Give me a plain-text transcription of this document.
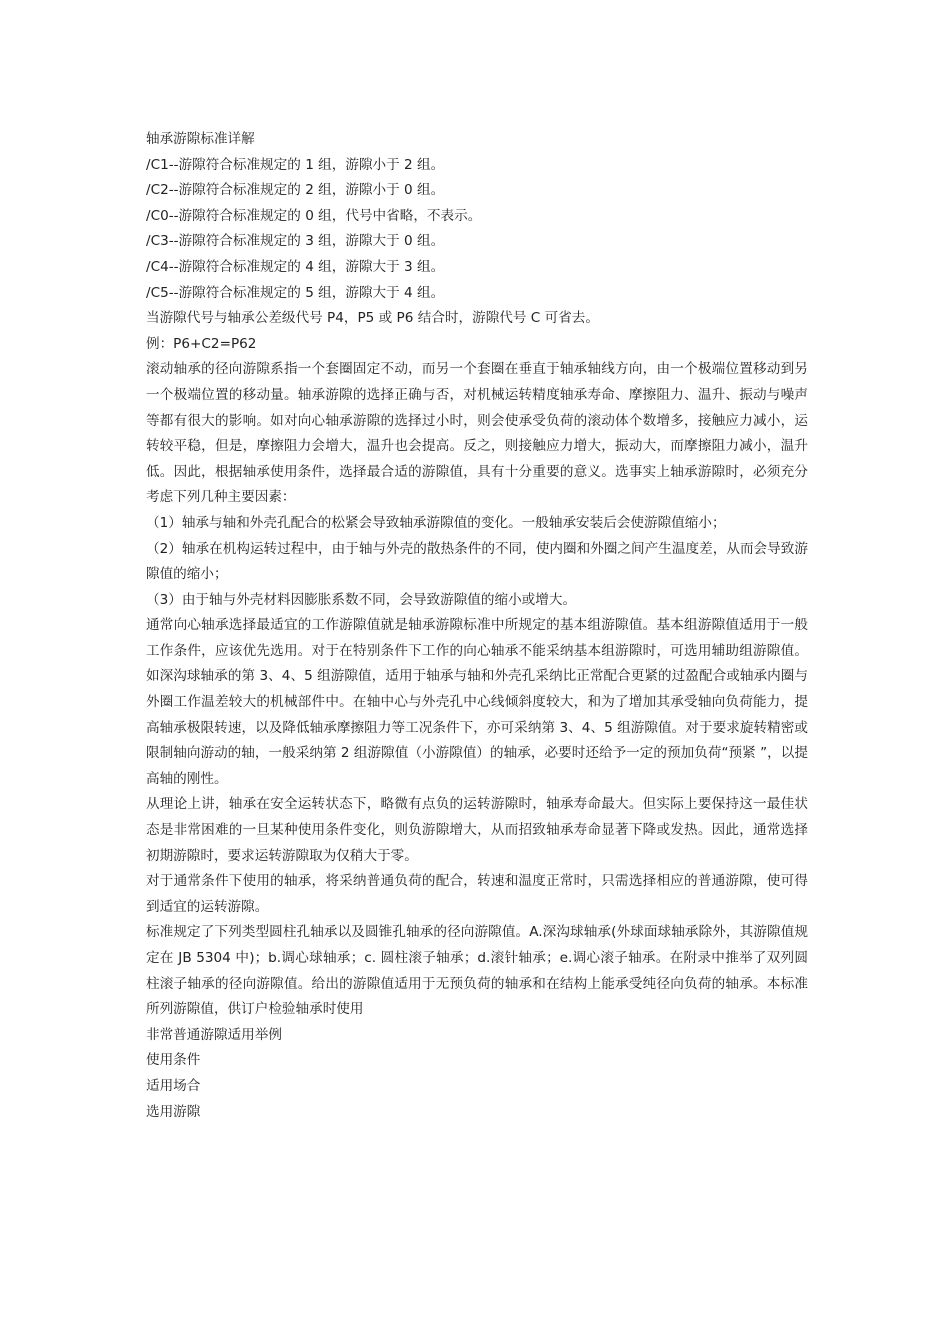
轴承游隙标准详解

/C1--游隙符合标准规定的 1 组，游隙小于 2 组。

/C2--游隙符合标准规定的 2 组，游隙小于 0 组。

/C0--游隙符合标准规定的 0 组，代号中省略，不表示。

/C3--游隙符合标准规定的 3 组，游隙大于 0 组。

/C4--游隙符合标准规定的 4 组，游隙大于 3 组。

/C5--游隙符合标准规定的 5 组，游隙大于 4 组。

当游隙代号与轴承公差级代号 P4，P5 或 P6 结合时，游隙代号 C 可省去。

例：P6+C2=P62

滚动轴承的径向游隙系指一个套圈固定不动，而另一个套圈在垂直于轴承轴线方向，由一个极端位置移动到另一个极端位置的移动量。轴承游隙的选择正确与否，对机械运转精度轴承寿命、摩擦阻力、温升、振动与噪声等都有很大的影响。如对向心轴承游隙的选择过小时，则会使承受负荷的滚动体个数增多，接触应力减小，运转较平稳，但是，摩擦阻力会增大，温升也会提高。反之，则接触应力增大，振动大，而摩擦阻力减小，温升低。因此，根据轴承使用条件，选择最合适的游隙值，具有十分重要的意义。选事实上轴承游隙时，必须充分考虑下列几种主要因素：

（1）轴承与轴和外壳孔配合的松紧会导致轴承游隙值的变化。一般轴承安装后会使游隙值缩小；

（2）轴承在机构运转过程中，由于轴与外壳的散热条件的不同，使内圈和外圈之间产生温度差，从而会导致游隙值的缩小；

（3）由于轴与外壳材料因膨胀系数不同，会导致游隙值的缩小或增大。

通常向心轴承选择最适宜的工作游隙值就是轴承游隙标准中所规定的基本组游隙值。基本组游隙值适用于一般工作条件，应该优先选用。对于在特别条件下工作的向心轴承不能采纳基本组游隙时，可选用辅助组游隙值。如深沟球轴承的第 3、4、5 组游隙值，适用于轴承与轴和外壳孔采纳比正常配合更紧的过盈配合或轴承内圈与外圈工作温差较大的机械部件中。在轴中心与外壳孔中心线倾斜度较大，和为了增加其承受轴向负荷能力，提高轴承极限转速，以及降低轴承摩擦阻力等工况条件下，亦可采纳第 3、4、5 组游隙值。对于要求旋转精密或限制轴向游动的轴，一般采纳第 2 组游隙值（小游隙值）的轴承，必要时还给予一定的预加负荷“预紧 ”，以提高轴的刚性。

从理论上讲，轴承在安全运转状态下，略微有点负的运转游隙时，轴承寿命最大。但实际上要保持这一最佳状态是非常困难的一旦某种使用条件变化，则负游隙增大，从而招致轴承寿命显著下降或发热。因此，通常选择初期游隙时，要求运转游隙取为仅稍大于零。

对于通常条件下使用的轴承，将采纳普通负荷的配合，转速和温度正常时，只需选择相应的普通游隙，使可得到适宜的运转游隙。

标准规定了下列类型圆柱孔轴承以及圆锥孔轴承的径向游隙值。A.深沟球轴承(外球面球轴承除外，其游隙值规定在 JB 5304 中)；b.调心球轴承；c. 圆柱滚子轴承；d.滚针轴承；e.调心滚子轴承。在附录中推举了双列圆柱滚子轴承的径向游隙值。给出的游隙值适用于无预负荷的轴承和在结构上能承受纯径向负荷的轴承。本标准所列游隙值，供订户检验轴承时使用

非常普通游隙适用举例

使用条件

适用场合

选用游隙
